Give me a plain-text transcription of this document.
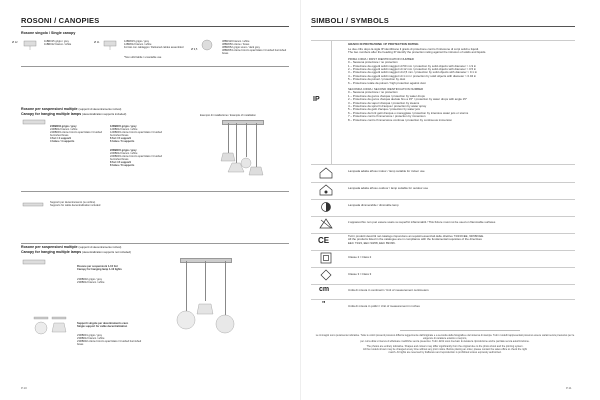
ROSONI / CANOPIES
Rosone singolo / Single canopy
Ø 12	11BR015 grigio / grey
11BR012 bianco / white
Ø 11	12BR015 grigio / grey
12BR012 bianco / white
Fornito con cablaggio / Delivered cables assembled
*Non utilizzabile / unsuitable use
Ø 9,5
38BR120 bianco / white
38BR050 ottone / brass
38BR052 grigio scuro / dark grey
38BR053 ottone bronzo spazzolato / brushed burnished brass
Rosone per sospensioni multiple (supporti di decentramento inclusi)
Canopy for hanging multiple lamps (decentralization supports included)	Esempio di installazione / Example of installation
24RB004 grigio / grey
24RB012 bianco / white
24RB003 ottone bronzo spazzolato / brushed burnished brass
4 fori / 4 supporti
4 holes / 4 supports
12RB015 grigio / grey
12RB012 bianco / white
12RB003 ottone bronzo spazzolato / brushed burnished brass
6 fori / 6 supporti
6 holes / 6 supports
22RB015 grigio / grey
22RB012 bianco / white
22RB003 ottone bronzo spazzolato / brushed burnished brass
8 fori / 8 supporti
8 holes / 8 supports
Supporti per decentramento (su ordine)
Supports for cable decentralization included
Rosone per sospensioni multiple (supporti di decentramento inclusi)
Canopy for hanging multiple lamps (decentralization supports not included)
Rosone per sospensioni 1-10 fori
Canopy for hanging lamp 1-10 lights
23RB002 grigio / grey
23RB012 bianco / white
Supporti singole per decentramento cavo
Single support for cable decentralization
23RB001 grigio / grey
23RB012 bianco / white
23RB002 ottone bronzo spazzolato / brushed burnished brass
P.10
SIMBOLI / SYMBOLS
IP
GRADO DI PROTEZIONE / IP PROTECTION RATING
Le due cifre dopo la sigla IP identificano il grado di protezione contro l'intrusione di corpi solidi e liquidi.
The two numbers after the heading IP identify the protection rating against the intrusion of solids and liquids.
PRIMA CIFRA / FIRST IDENTIFICATION NUMBER
0 – Nessuna protezione / no protection
1 – Protezione da oggetti solidi maggiori di 50 mm / protection by solid objects with diameter > 1.9 in
2 – Protezione da oggetti solidi maggiori di 12 mm / protection by solid objects with diameter > 0.5 in
3 – Protezione da oggetti solidi maggiori di 2,5 mm / protection by solid objects with diameter > 0.1 in
4 – Protezione da oggetti solidi maggiori di 1 mm / protection by solid objects with diameter > 0.04 in
5 – Protezione da polveri / protection by dust
6 – Protezione totale da polveri / high protection against dust
SECONDA CIFRA / SECOND IDENTIFICATION NUMBER
0 – Nessuna protezione / no protection
1 – Protezione da gocce d'acqua / protection by water drops
2 – Protezione da gocce d'acqua deviate fino a 15° / protection by water drops with angle 15°
3 – Protezione da vapori d'acqua / protection by steams
4 – Protezione da spruzzi d'acqua / protection by water spray
5 – Protezione da getti d'acqua / protection by water jets
6 – Protezione da forti getti d'acqua o mareggiate / protection by intensive water jets or storms
7 – Protezione contro l'immersione / protection by immersion
8 – Protezione contro l'immersione continua / protection by continuous immersion
Lampada adatta all'uso indoor / lamp suitable for indoor use
Lampada adatta all'uso outdoor / lamp suitable for outdoor use
Lampada dimmerabile / dimmable lamp
L'apparecchio non può essere usato su superfici infiammabili / This fixture must not be used on flammable surfaces
CE	Tutti i prodotti descritti nel catalogo rispondono ai requisiti essenziali delle direttive 73/23/CEE, 93/68/CEE.
All the products listed in the catalogue are in compliance with the fundamental requisites of the directives
EEC 73/23, EEC 93/68, EEC 89/336.
Classe 2 / Class 2
Classe 3 / Class 3
cm	Unità di misura in centimetri / Unit of measurement centimeters
"	Unità di misura in pollici / Unit of measurement in inches
Le immagini sono puramente indicative. Tutte le colori presenti possono differire leggermente dall'originale e a seconda della fotografia e del sistema di stampa. Tutti i modelli rappresentati possono essere variati senza preavviso per le esigenze di carattere estetico o tecnico,
per cui la ditta si riserva di effettuare modifiche senza preavviso. Tutti i diritti sono riservati. È vietata la riproduzione anche parziale senza autorizzazione.
The photos are entirely indicative. Shapes and colours may differ significantly from the original due to the photo shoot and the printing system.
All the models shown may be changed at any time without any prior notice. Before placing an order, please contact the sales office to check the right
match. All rights are reserved by Zafferano and reproduction is prohibited unless expressly authorized.
P.11
